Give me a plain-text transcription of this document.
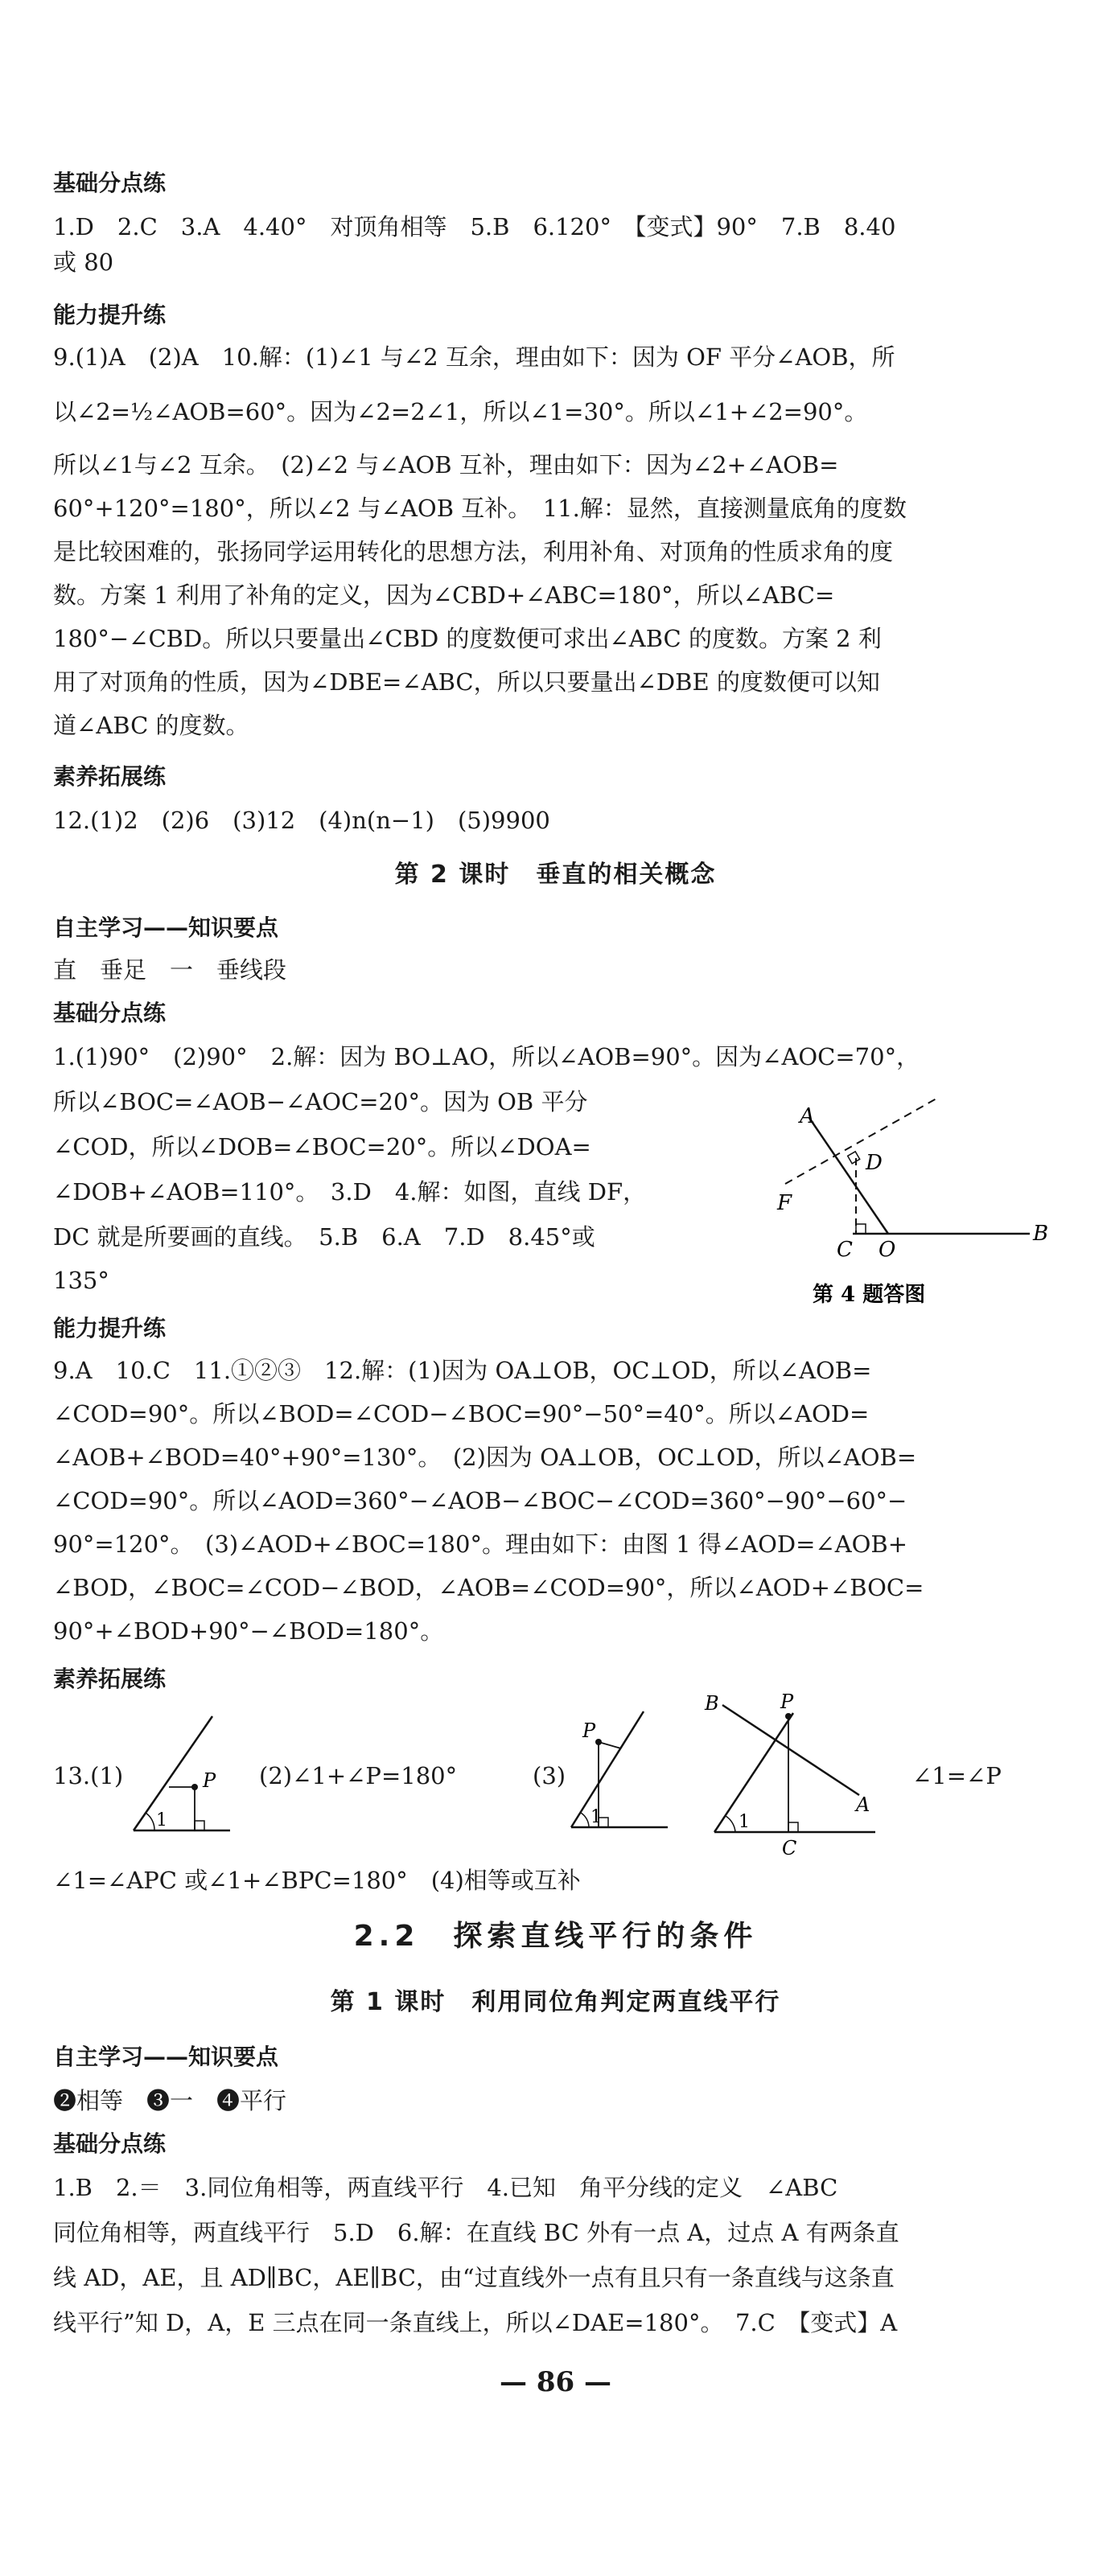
基础分点练
1.D　2.C　3.A　4.40°　对顶角相等　5.B　6.120°　【变式】90°　7.B　8.40
或 80
能力提升练
9.(1)A　(2)A　10.解：(1)∠1 与∠2 互余，理由如下：因为 OF 平分∠AOB，所
以∠2=½∠AOB=60°。因为∠2=2∠1，所以∠1=30°。所以∠1+∠2=90°。
所以∠1与∠2 互余。　(2)∠2 与∠AOB 互补，理由如下：因为∠2+∠AOB=
60°+120°=180°，所以∠2 与∠AOB 互补。　11.解：显然，直接测量底角的度数
是比较困难的，张扬同学运用转化的思想方法，利用补角、对顶角的性质求角的度
数。方案 1 利用了补角的定义，因为∠CBD+∠ABC=180°，所以∠ABC=
180°−∠CBD。所以只要量出∠CBD 的度数便可求出∠ABC 的度数。方案 2 利
用了对顶角的性质，因为∠DBE=∠ABC，所以只要量出∠DBE 的度数便可以知
道∠ABC 的度数。
素养拓展练
12.(1)2　(2)6　(3)12　(4)n(n−1)　(5)9900
第 2 课时　垂直的相关概念
自主学习——知识要点
直　垂足　一　垂线段
基础分点练
1.(1)90°　(2)90°　2.解：因为 BO⊥AO，所以∠AOB=90°。因为∠AOC=70°，
所以∠BOC=∠AOB−∠AOC=20°。因为 OB 平分
∠COD，所以∠DOB=∠BOC=20°。所以∠DOA=
∠DOB+∠AOB=110°。　3.D　4.解：如图，直线 DF，
DC 就是所要画的直线。　5.B　6.A　7.D　8.45°或
135°
A
D
F
C O
B
第 4 题答图
能力提升练
9.A　10.C　11.①②③　12.解：(1)因为 OA⊥OB，OC⊥OD，所以∠AOB=
∠COD=90°。所以∠BOD=∠COD−∠BOC=90°−50°=40°。所以∠AOD=
∠AOB+∠BOD=40°+90°=130°。　(2)因为 OA⊥OB，OC⊥OD，所以∠AOB=
∠COD=90°。所以∠AOD=360°−∠AOB−∠BOC−∠COD=360°−90°−60°−
90°=120°。　(3)∠AOD+∠BOC=180°。理由如下：由图 1 得∠AOD=∠AOB+
∠BOD，∠BOC=∠COD−∠BOD，∠AOB=∠COD=90°，所以∠AOD+∠BOC=
90°+∠BOD+90°−∠BOD=180°。
素养拓展练
13.(1)	P
1
(2)∠1+∠P=180°	(3)
P
1
B	P
A
1
C
∠1=∠P
∠1=∠APC 或∠1+∠BPC=180°　(4)相等或互补
2.2　探索直线平行的条件
第 1 课时　利用同位角判定两直线平行
自主学习——知识要点
❷相等　❸一　❹平行
基础分点练
1.B　2.＝　3.同位角相等，两直线平行　4.已知　角平分线的定义　∠ABC
同位角相等，两直线平行　5.D　6.解：在直线 BC 外有一点 A，过点 A 有两条直
线 AD，AE，且 AD∥BC，AE∥BC，由“过直线外一点有且只有一条直线与这条直
线平行”知 D，A，E 三点在同一条直线上，所以∠DAE=180°。　7.C　【变式】A
— 86 —
